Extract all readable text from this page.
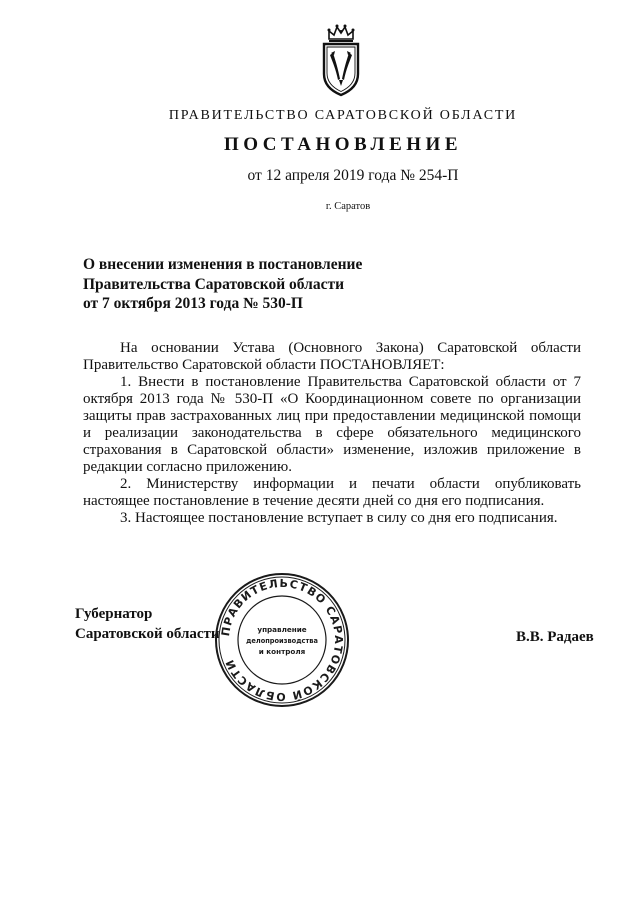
ПРАВИТЕЛЬСТВО САРАТОВСКОЙ ОБЛАСТИ
ПОСТАНОВЛЕНИЕ
от 12 апреля 2019 года № 254-П
г. Саратов
О внесении изменения в постановление
Правительства Саратовской области
от 7 октября 2013 года № 530-П

На основании Устава (Основного Закона) Саратовской области Правительство Саратовской области ПОСТАНОВЛЯЕТ:

1. Внести в постановление Правительства Саратовской области от 7 октября 2013 года № 530-П «О Координационном совете по организации защиты прав застрахованных лиц при предоставлении медицинской помощи и реализации законодательства в сфере обязательного медицинского страхования в Саратовской области» изменение, изложив приложение в редакции согласно приложению.

2. Министерству информации и печати области опубликовать настоящее постановление в течение десяти дней со дня его подписания.

3. Настоящее постановление вступает в силу со дня его подписания.

Губернатор
Саратовской области	В.В. Радаев
ПРАВИТЕЛЬСТВО САРАТОВСКОЙ ОБЛАСТИ
управление
делопроизводства
и контроля
